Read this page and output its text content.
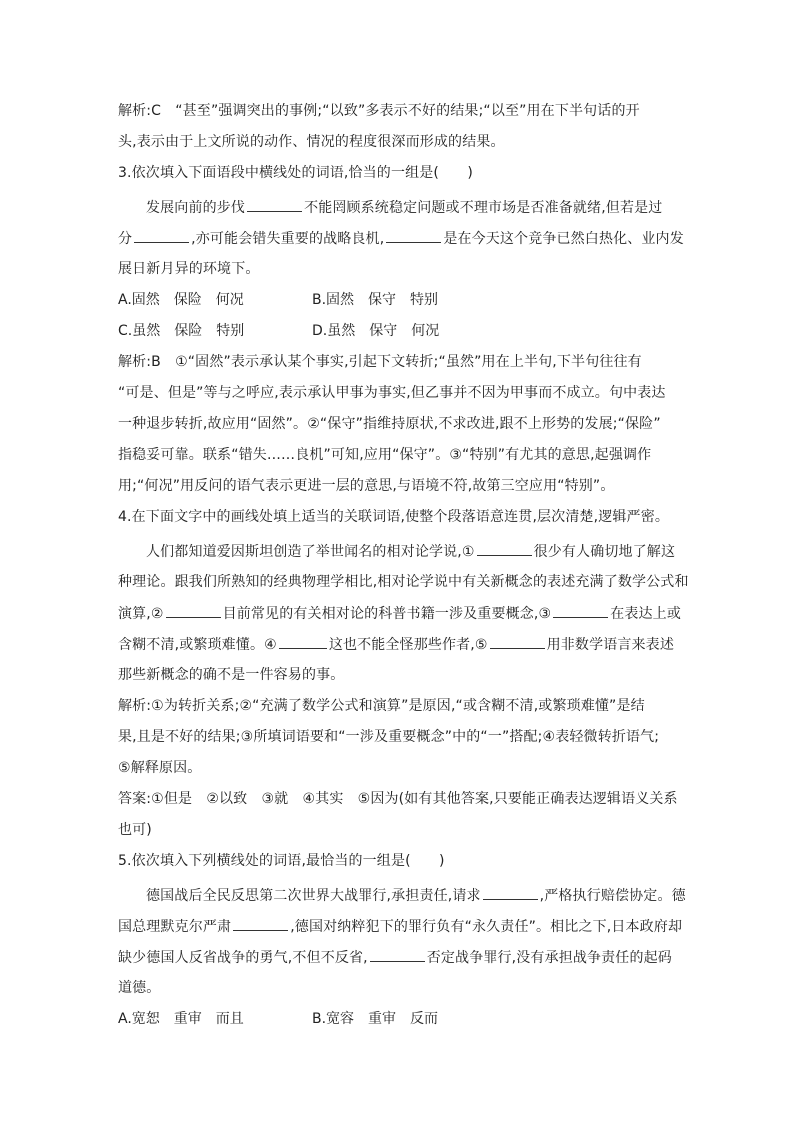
解析:C　“甚至”强调突出的事例;“以致”多表示不好的结果;“以至”用在下半句话的开
头,表示由于上文所说的动作、情况的程度很深而形成的结果。
3.依次填入下面语段中横线处的词语,恰当的一组是(　　)
发展向前的步伐	不能罔顾系统稳定问题或不理市场是否准备就绪,但若是过
分	,亦可能会错失重要的战略良机,	是在今天这个竞争已然白热化、业内发
展日新月异的环境下。
A.固然　保险　何况	B.固然　保守　特别
C.虽然　保险　特别	D.虽然　保守　何况
解析:B　①“固然”表示承认某个事实,引起下文转折;“虽然”用在上半句,下半句往往有
“可是、但是”等与之呼应,表示承认甲事为事实,但乙事并不因为甲事而不成立。句中表达
一种退步转折,故应用“固然”。②“保守”指维持原状,不求改进,跟不上形势的发展;“保险”
指稳妥可靠。联系“错失……良机”可知,应用“保守”。③“特别”有尤其的意思,起强调作
用;“何况”用反问的语气表示更进一层的意思,与语境不符,故第三空应用“特别”。
4.在下面文字中的画线处填上适当的关联词语,使整个段落语意连贯,层次清楚,逻辑严密。
人们都知道爱因斯坦创造了举世闻名的相对论学说,①	很少有人确切地了解这
种理论。跟我们所熟知的经典物理学相比,相对论学说中有关新概念的表述充满了数学公式和
演算,②	目前常见的有关相对论的科普书籍一涉及重要概念,③	在表达上或
含糊不清,或繁琐难懂。④	这也不能全怪那些作者,⑤	用非数学语言来表述
那些新概念的确不是一件容易的事。
解析:①为转折关系;②“充满了数学公式和演算”是原因,“或含糊不清,或繁琐难懂”是结
果,且是不好的结果;③所填词语要和“一涉及重要概念”中的“一”搭配;④表轻微转折语气;
⑤解释原因。
答案:①但是　②以致　③就　④其实　⑤因为(如有其他答案,只要能正确表达逻辑语义关系
也可)
5.依次填入下列横线处的词语,最恰当的一组是(　　)
德国战后全民反思第二次世界大战罪行,承担责任,请求	,严格执行赔偿协定。德
国总理默克尔严肃	,德国对纳粹犯下的罪行负有“永久责任”。相比之下,日本政府却
缺少德国人反省战争的勇气,不但不反省,	否定战争罪行,没有承担战争责任的起码
道德。
A.宽恕　重审　而且	B.宽容　重审　反而
